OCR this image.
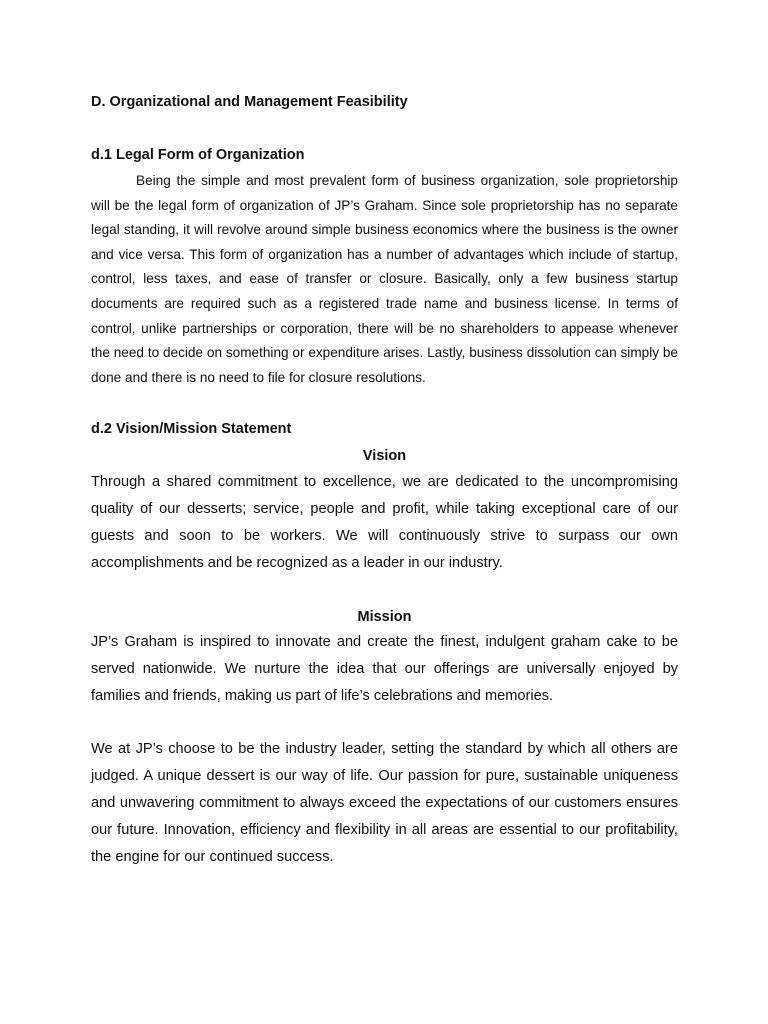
D. Organizational and Management Feasibility
d.1 Legal Form of Organization

Being the simple and most prevalent form of business organization, sole proprietorship will be the legal form of organization of JP’s Graham. Since sole proprietorship has no separate legal standing, it will revolve around simple business economics where the business is the owner and vice versa. This form of organization has a number of advantages which include of startup, control, less taxes, and ease of transfer or closure. Basically, only a few business startup documents are required such as a registered trade name and business license. In terms of control, unlike partnerships or corporation, there will be no shareholders to appease whenever the need to decide on something or expenditure arises. Lastly, business dissolution can simply be done and there is no need to file for closure resolutions.

d.2 Vision/Mission Statement
Vision

Through a shared commitment to excellence, we are dedicated to the uncompromising quality of our desserts; service, people and profit, while taking exceptional care of our guests and soon to be workers. We will continuously strive to surpass our own accomplishments and be recognized as a leader in our industry.

Mission

JP’s Graham is inspired to innovate and create the finest, indulgent graham cake to be served nationwide. We nurture the idea that our offerings are universally enjoyed by families and friends, making us part of life’s celebrations and memories.

We at JP’s choose to be the industry leader, setting the standard by which all others are judged. A unique dessert is our way of life. Our passion for pure, sustainable uniqueness and unwavering commitment to always exceed the expectations of our customers ensures our future. Innovation, efficiency and flexibility in all areas are essential to our profitability, the engine for our continued success.
